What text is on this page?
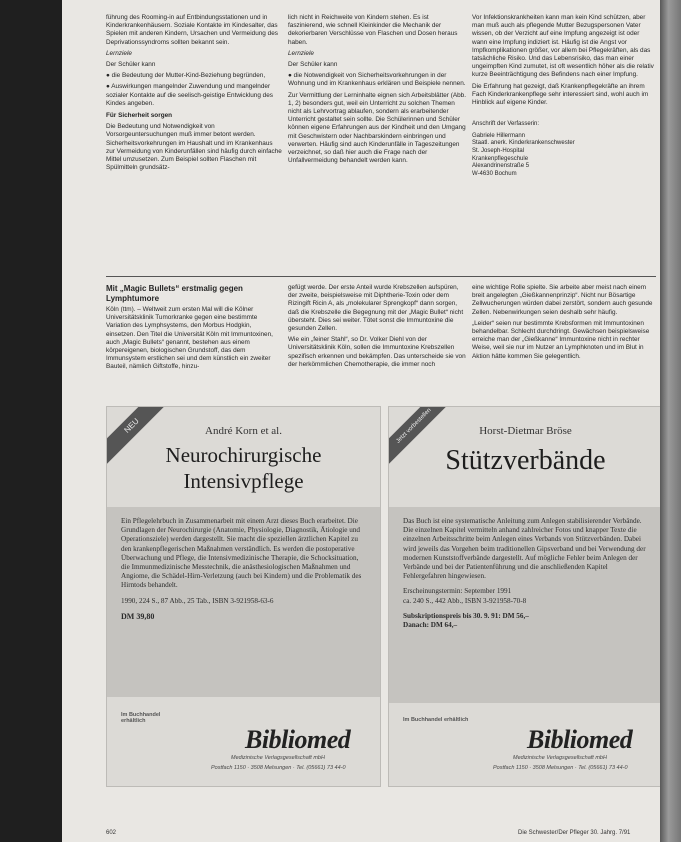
führung des Rooming-in auf Entbindungsstationen und in Kinderkrankenhäusern. Soziale Kontakte im Kindesalter, das Spielen mit anderen Kindern, Ursachen und Vermeidung des Deprivationssyndroms sollten bekannt sein.

Lernziele

Der Schüler kann

● die Bedeutung der Mutter-Kind-Beziehung begründen,

● Auswirkungen mangelnder Zuwendung und mangelnder sozialer Kontakte auf die seelisch-geistige Entwicklung des Kindes angeben.

Für Sicherheit sorgen

Die Bedeutung und Notwendigkeit von Vorsorgeuntersuchungen muß immer betont werden. Sicherheitsvorkehrungen im Haushalt und im Krankenhaus zur Vermeidung von Kinderunfällen sind häufig durch einfache Mittel umzusetzen. Zum Beispiel sollten Flaschen mit Spülmitteln grundsätz-

lich nicht in Reichweite von Kindern stehen. Es ist faszinierend, wie schnell Kleinkinder die Mechanik der dekorierbaren Verschlüsse von Flaschen und Dosen heraus haben.

Lernziele

Der Schüler kann

● die Notwendigkeit von Sicherheitsvorkehrungen in der Wohnung und im Krankenhaus erklären und Beispiele nennen.

Zur Vermittlung der Lerninhalte eignen sich Arbeitsblätter (Abb. 1, 2) besonders gut, weil ein Unterricht zu solchen Themen nicht als Lehrvortrag ablaufen, sondern als erarbeitender Unterricht gestaltet sein sollte. Die Schülerinnen und Schüler können eigene Erfahrungen aus der Kindheit und den Umgang mit Geschwistern oder Nachbarskindern einbringen und verwerten. Häufig sind auch Kinderunfälle in Tageszeitungen verzeichnet, so daß hier auch die Frage nach der Unfallvermeidung behandelt werden kann.

Vor Infektionskrankheiten kann man kein Kind schützen, aber man muß auch als pflegende Mutter Bezugspersonen Vater wissen, ob der Verzicht auf eine Impfung angezeigt ist oder wann eine Impfung indiziert ist. Häufig ist die Angst vor Impfkomplikationen größer, vor allem bei Pflegekräften, als das tatsächliche Risiko. Und das Lebensrisiko, das man einer ungeimpften Kind zumutet, ist oft wesentlich höher als die relativ kurze Beeinträchtigung des Befindens nach einer Impfung.

Die Erfahrung hat gezeigt, daß Krankenpflegekräfte an ihrem Fach Kinderkrankenpflege sehr interessiert sind, wohl auch im Hinblick auf eigene Kinder.

Anschrift der Verfasserin:
Gabriele Hillermann
Staatl. anerk. Kinderkrankenschwester
St. Joseph-Hospital
Krankenpflegeschule
Alexandrinenstraße 5
W-4630 Bochum

Mit „Magic Bullets“ erstmalig gegen Lymphtumore

Köln (ttm). – Weltweit zum ersten Mal will die Kölner Universitätsklinik Tumorkranke gegen eine bestimmte Variation des Lymphsystems, den Morbus Hodgkin, einsetzen. Den Titel die Universität Köln mit Immuntoxinen, auch „Magic Bullets“ genannt, bestehen aus einem körpereigenen, biologischen Grundstoff, das dem Immunsystem erstlichen sei und dem künstlich ein zweiter Bauteil, nämlich Giftstoffe, hinzu-

gefügt werde. Der erste Anteil wurde Krebszellen aufspüren, der zweite, beispielsweise mit Diphtherie-Toxin oder dem Rizingift Ricin A, als „molekularer Sprengkopf“ dann sorgen, daß die Krebszelle die Begegnung mit der „Magic Bullet“ nicht übersteht. Dies sei weiter. Tötet sonst die Immuntoxine die gesunden Zellen.

Wie ein „feiner Stahl“, so Dr. Volker Diehl von der Universitätsklinik Köln, sollen die Immuntoxine Krebszellen spezifisch erkennen und bekämpfen. Das unterscheide sie von der herkömmlichen Chemotherapie, die immer noch

eine wichtige Rolle spielte. Sie arbeite aber meist nach einem breit angelegten „Gießkannenprinzip“. Nicht nur Bösartige Zellwucherungen würden dabei zerstört, sondern auch gesunde Zellen. Nebenwirkungen seien deshalb sehr häufig.

„Leider“ seien nur bestimmte Krebsformen mit Immuntoxinen behandelbar. Schlecht durchdringt. Gewächsen beispielsweise erreiche man der „Gießkanne“ Immuntoxine nicht in rechter Weise, weil sie nur im Nutzer an Lymphknoten und im Blut in Aktion hätte kommen Sie gelegentlich.

NEU	André Korn et al.
Neurochirurgische
Intensivpflege

Ein Pflegelehrbuch in Zusammenarbeit mit einem Arzt dieses Buch erarbeitet. Die Grundlagen der Neurochirurgie (Anatomie, Physiologie, Diagnostik, Ätiologie und Operationsziele) werden dargestellt. Sie macht die speziellen ärztlichen Kapitel zu den krankenpflegerischen Maßnahmen verständlich. Es werden die postoperative Überwachung und Pflege, die Intensivmedizinische Therapie, die Schocksituation, die Immunmedizinische Messtechnik, die anästhesiologischen Maßnahmen und Angiome, die Schädel-Hirn-Verletzung (auch bei Kindern) und die Problematik des Hirntods behandelt.

1990, 224 S., 87 Abb., 25 Tab., ISBN 3-921958-63-6

DM 39,80

Im Buchhandel
erhältlich
Bibliomed
Medizinische Verlagsgesellschaft mbH
Postfach 1150 · 3508 Melsungen · Tel. (05661) 73 44-0
Jetzt vorbestellen	Horst-Dietmar Bröse
Stützverbände

Das Buch ist eine systematische Anleitung zum Anlegen stabilisierender Verbände. Die einzelnen Kapitel vermitteln anhand zahlreicher Fotos und knapper Texte die einzelnen Arbeitsschritte beim Anlegen eines Verbands von Stützverbänden. Dabei wird jeweils das Vorgehen beim traditionellen Gipsverband und bei Verwendung der modernen Kunststoffverbände dargestellt. Auf mögliche Fehler beim Anlegen der Verbände und bei der Patientenführung und die anschließenden Kapitel Fehlergefahren hingewiesen.

Erscheinungstermin: September 1991
ca. 240 S., 442 Abb., ISBN 3-921958-70-8

Subskriptionspreis bis 30. 9. 91: DM 56,–
Danach: DM 64,–

Im Buchhandel erhältlich
Bibliomed
Medizinische Verlagsgesellschaft mbH
Postfach 1150 · 3508 Melsungen · Tel. (05661) 73 44-0
602	Die Schwester/Der Pfleger 30. Jahrg. 7/91
